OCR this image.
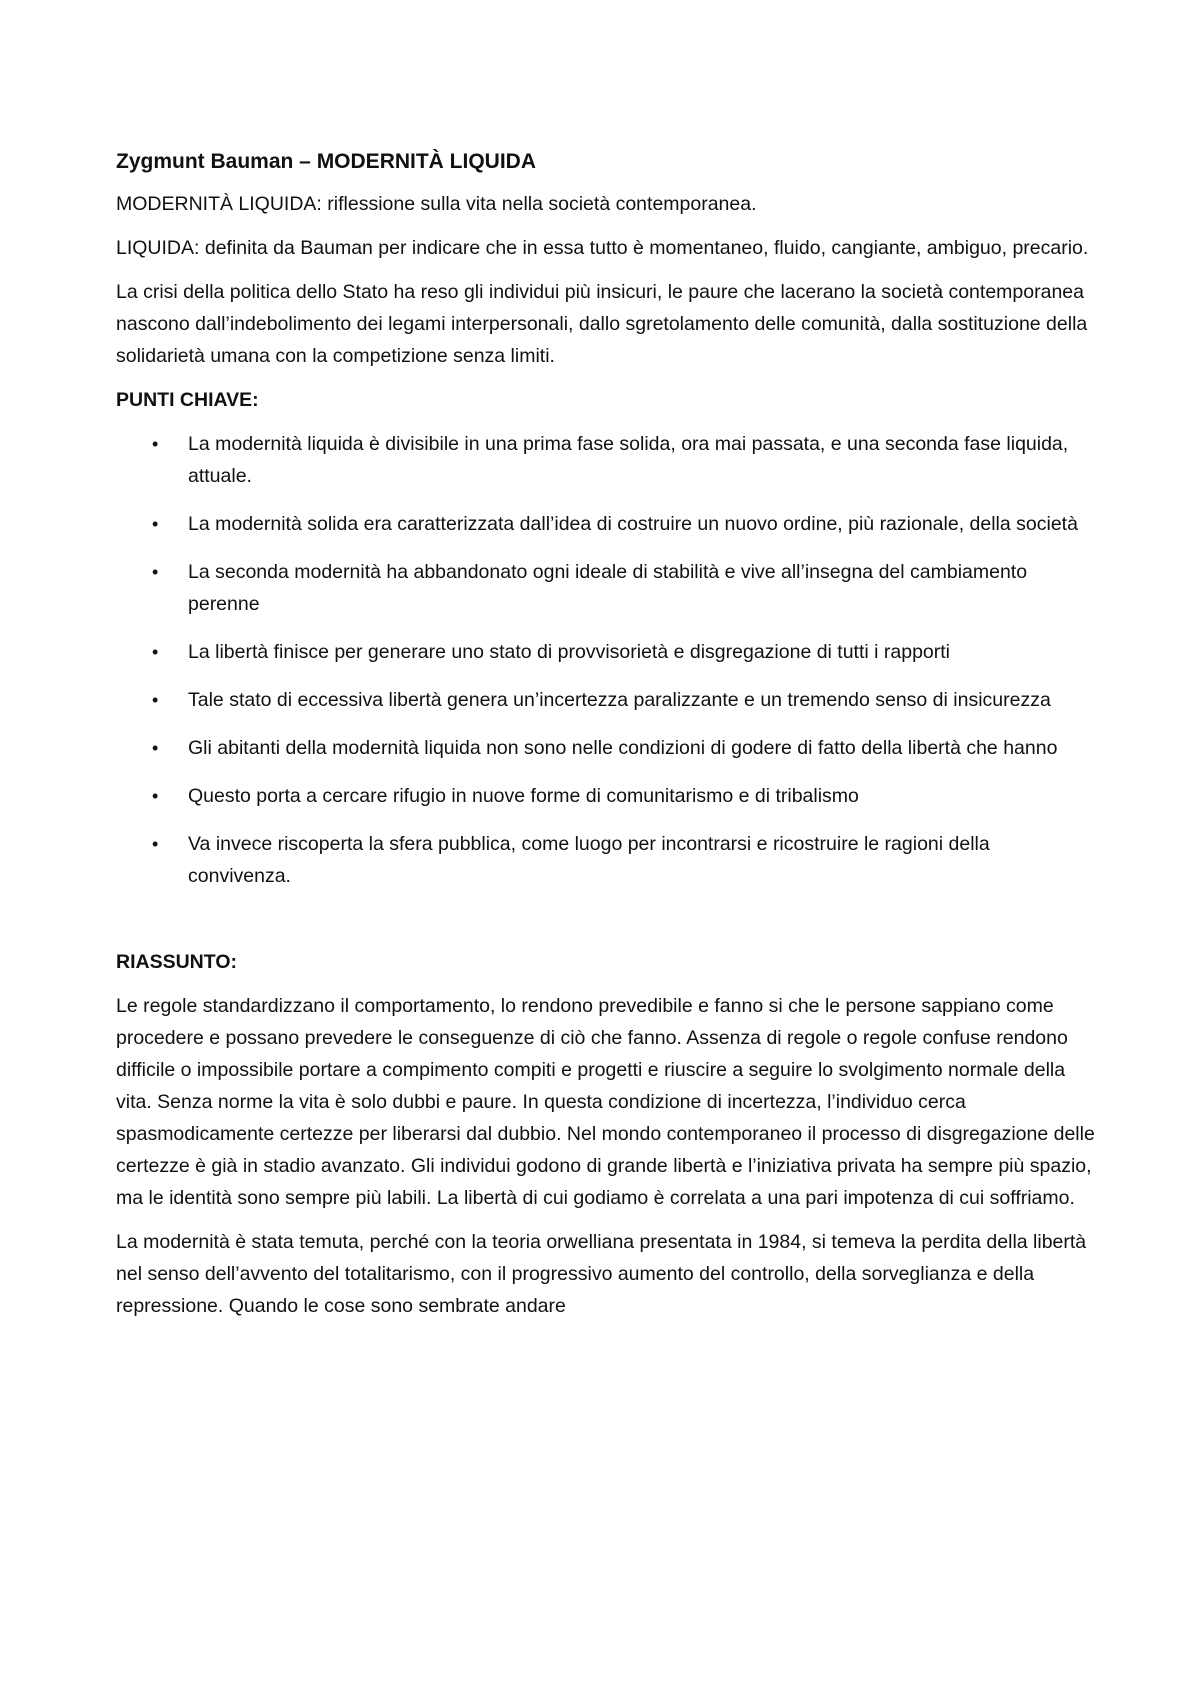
Zygmunt Bauman – MODERNITÀ LIQUIDA

MODERNITÀ LIQUIDA: riflessione sulla vita nella società contemporanea.

LIQUIDA: definita da Bauman per indicare che in essa tutto è momentaneo, fluido, cangiante, ambiguo, precario.

La crisi della politica dello Stato ha reso gli individui più insicuri, le paure che lacerano la società contemporanea nascono dall’indebolimento dei legami interpersonali, dallo sgretolamento delle comunità, dalla sostituzione della solidarietà umana con la competizione senza limiti.

PUNTI CHIAVE:
• La modernità liquida è divisibile in una prima fase solida, ora mai passata, e una seconda fase liquida, attuale.
• La modernità solida era caratterizzata dall’idea di costruire un nuovo ordine, più razionale, della società
• La seconda modernità ha abbandonato ogni ideale di stabilità e vive all’insegna del cambiamento perenne
• La libertà finisce per generare uno stato di provvisorietà e disgregazione di tutti i rapporti
• Tale stato di eccessiva libertà genera un’incertezza paralizzante e un tremendo senso di insicurezza
• Gli abitanti della modernità liquida non sono nelle condizioni di godere di fatto della libertà che hanno
• Questo porta a cercare rifugio in nuove forme di comunitarismo e di tribalismo
• Va invece riscoperta la sfera pubblica, come luogo per incontrarsi e ricostruire le ragioni della convivenza.
RIASSUNTO:

Le regole standardizzano il comportamento, lo rendono prevedibile e fanno si che le persone sappiano come procedere e possano prevedere le conseguenze di ciò che fanno. Assenza di regole o regole confuse rendono difficile o impossibile portare a compimento compiti e progetti e riuscire a seguire lo svolgimento normale della vita. Senza norme la vita è solo dubbi e paure. In questa condizione di incertezza, l’individuo cerca spasmodicamente certezze per liberarsi dal dubbio. Nel mondo contemporaneo il processo di disgregazione delle certezze è già in stadio avanzato. Gli individui godono di grande libertà e l’iniziativa privata ha sempre più spazio, ma le identità sono sempre più labili. La libertà di cui godiamo è correlata a una pari impotenza di cui soffriamo.

La modernità è stata temuta, perché con la teoria orwelliana presentata in 1984, si temeva la perdita della libertà nel senso dell’avvento del totalitarismo, con il progressivo aumento del controllo, della sorveglianza e della repressione. Quando le cose sono sembrate andare
